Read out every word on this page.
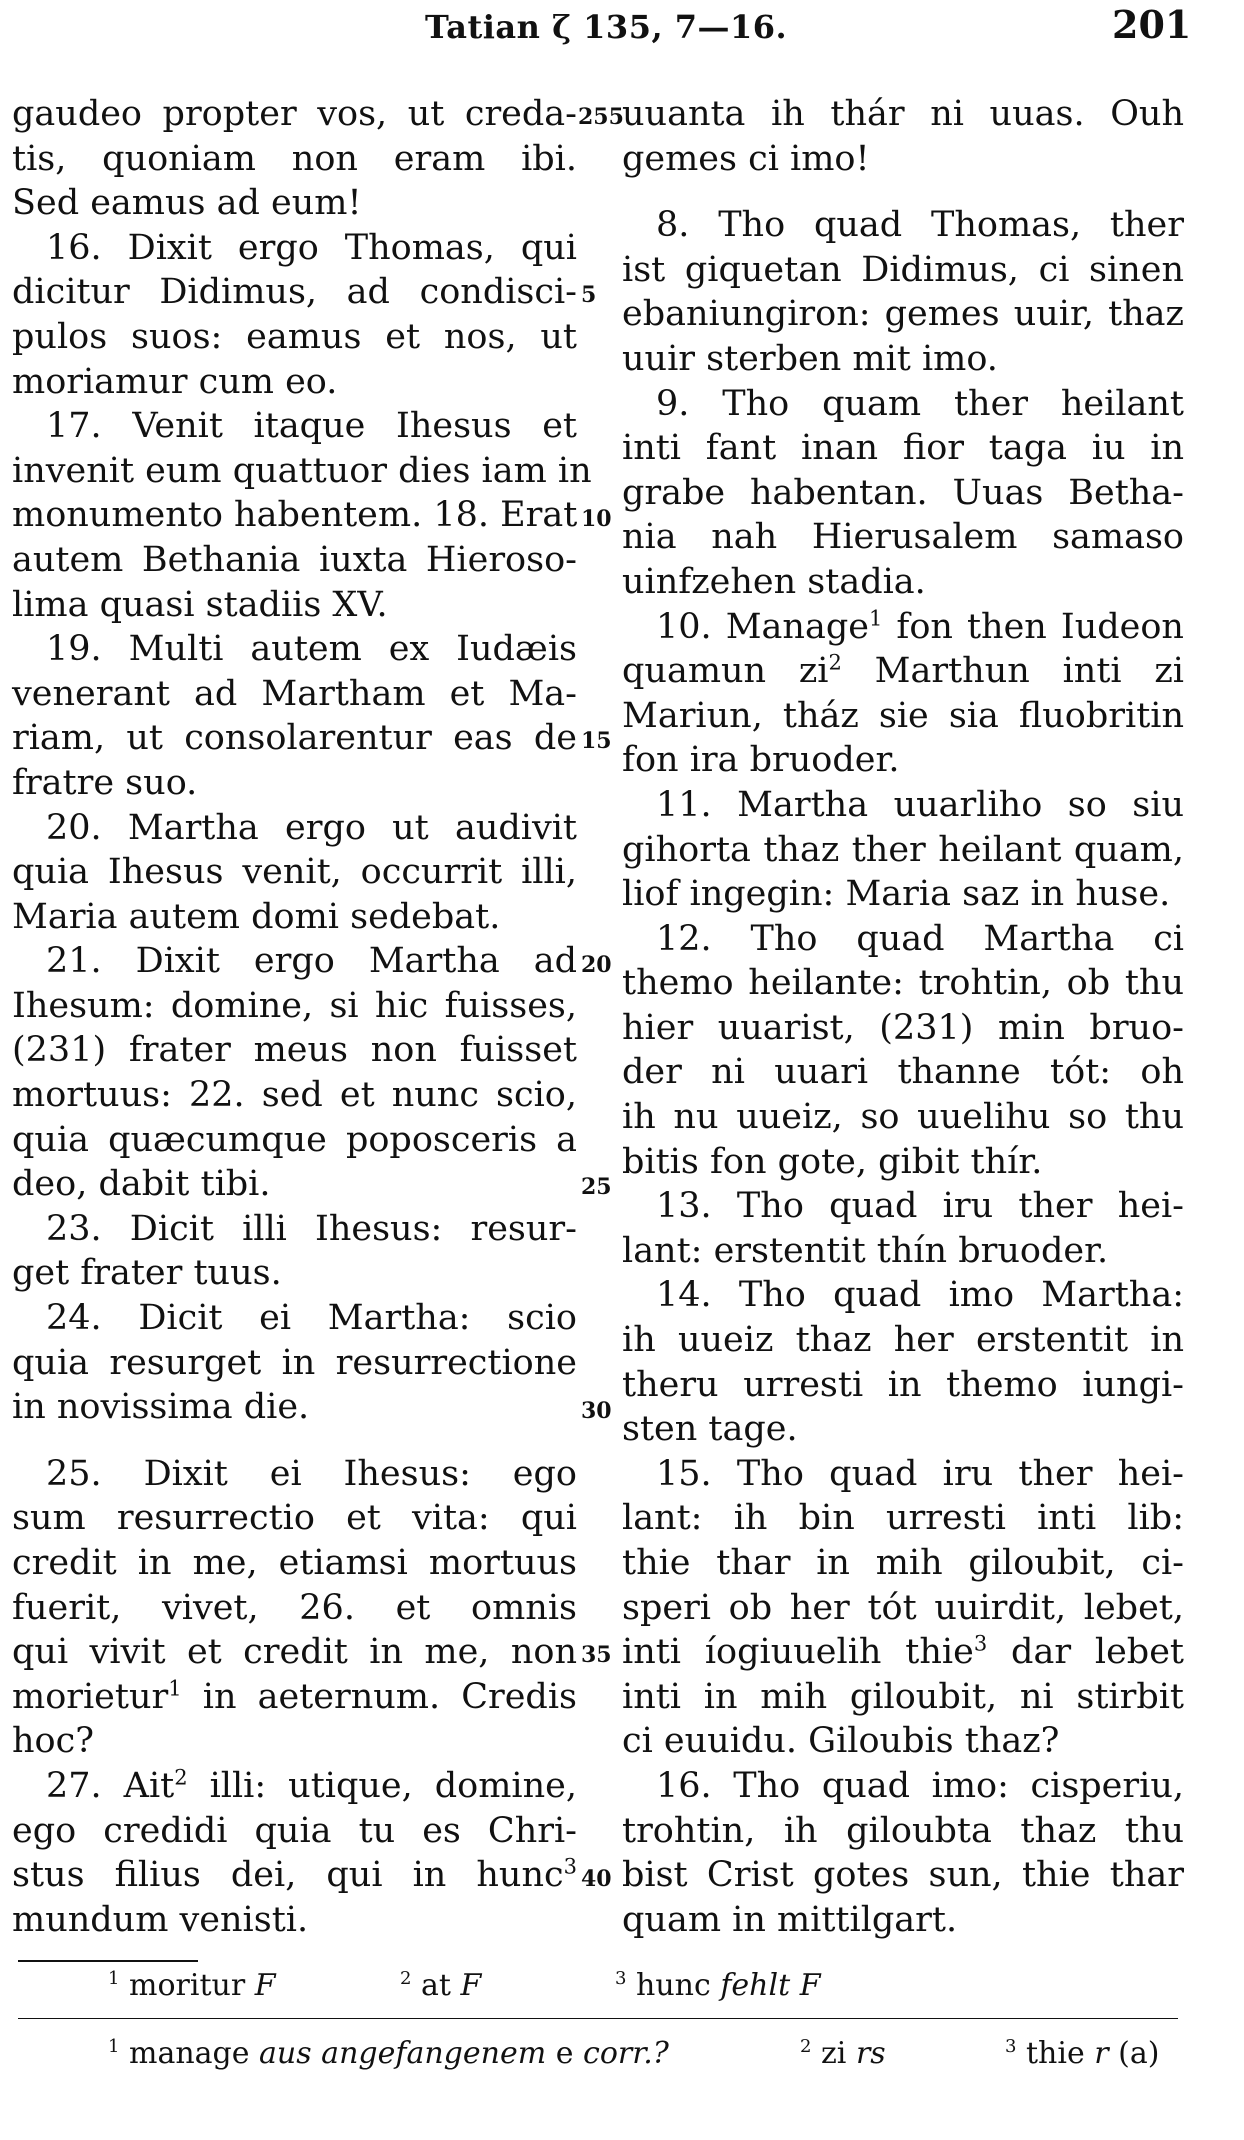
Tatian ζ 135, 7—16.	201
gaudeo propter vos, ut creda-
tis, quoniam non eram ibi.
Sed eamus ad eum!
16. Dixit ergo Thomas, qui
dicitur Didimus, ad condisci-
pulos suos: eamus et nos, ut
moriamur cum eo.
17. Venit itaque Ihesus et
invenit eum quattuor dies iam in
monumento habentem. 18. Erat
autem Bethania iuxta Hieroso-
lima quasi stadiis XV.
19. Multi autem ex Iudæis
venerant ad Martham et Ma-
riam, ut consolarentur eas de
fratre suo.
20. Martha ergo ut audivit
quia Ihesus venit, occurrit illi,
Maria autem domi sedebat.
21. Dixit ergo Martha ad
Ihesum: domine, si hic fuisses,
(231) frater meus non fuisset
mortuus: 22. sed et nunc scio,
quia quæcumque poposceris a
deo, dabit tibi.
23. Dicit illi Ihesus: resur-
get frater tuus.
24. Dicit ei Martha: scio
quia resurget in resurrectione
in novissima die.
25. Dixit ei Ihesus: ego
sum resurrectio et vita: qui
credit in me, etiamsi mortuus
fuerit, vivet, 26. et omnis
qui vivit et credit in me, non
morietur$^1$ in aeternum. Credis
hoc?
27. Ait$^2$ illi: utique, domine,
ego credidi quia tu es Chri-
stus filius dei, qui in hunc$^3$
mundum venisti.
uuanta ih thár ni uuas. Ouh
gemes ci imo!
8. Tho quad Thomas, ther
ist giquetan Didimus, ci sinen
ebaniungiron: gemes uuir, thaz
uuir sterben mit imo.
9. Tho quam ther heilant
inti fant inan fior taga iu in
grabe habentan. Uuas Betha-
nia nah Hierusalem samaso
uinfzehen stadia.
10. Manage$^1$ fon then Iudeon
quamun $zi^2$ Marthun inti zi
Mariun, tház sie sia fluobritin
fon ira bruoder.
11. Martha uuarliho so siu
gihorta thaz ther heilant quam,
liof ingegin: Maria saz in huse.
12. Tho quad Martha ci
themo heilante: trohtin, ob thu
hier uuarist, (231) min bruo-
der ni uuari thanne tót: oh
ih nu uueiz, so uuelihu so thu
bitis fon gote, gibit thír.
13. Tho quad iru ther hei-
lant: erstentit thín bruoder.
14. Tho quad imo Martha:
ih uueiz thaz her erstentit in
theru urresti in themo iungi-
sten tage.
15. Tho quad iru ther hei-
lant: ih bin urresti inti lib:
thie thar in mih giloubit, ci-
speri ob her tót uuirdit, lebet,
inti íogiuuelih thie$^3$ dar lebet
inti in mih giloubit, ni stirbit
ci euuidu. Giloubis thaz?
16. Tho quad imo: cisperiu,
trohtin, ih giloubta thaz thu
bist Crist gotes sun, thie thar
quam in mittilgart.
255
5
10
15
20
25
30
35
40
$^1$ moritur F	$^2$ at F	$^3$ hunc fehlt F
$^1$ manage aus angefangenem e corr.?	$^2$ zi rs	$^3$ thie r (a)
